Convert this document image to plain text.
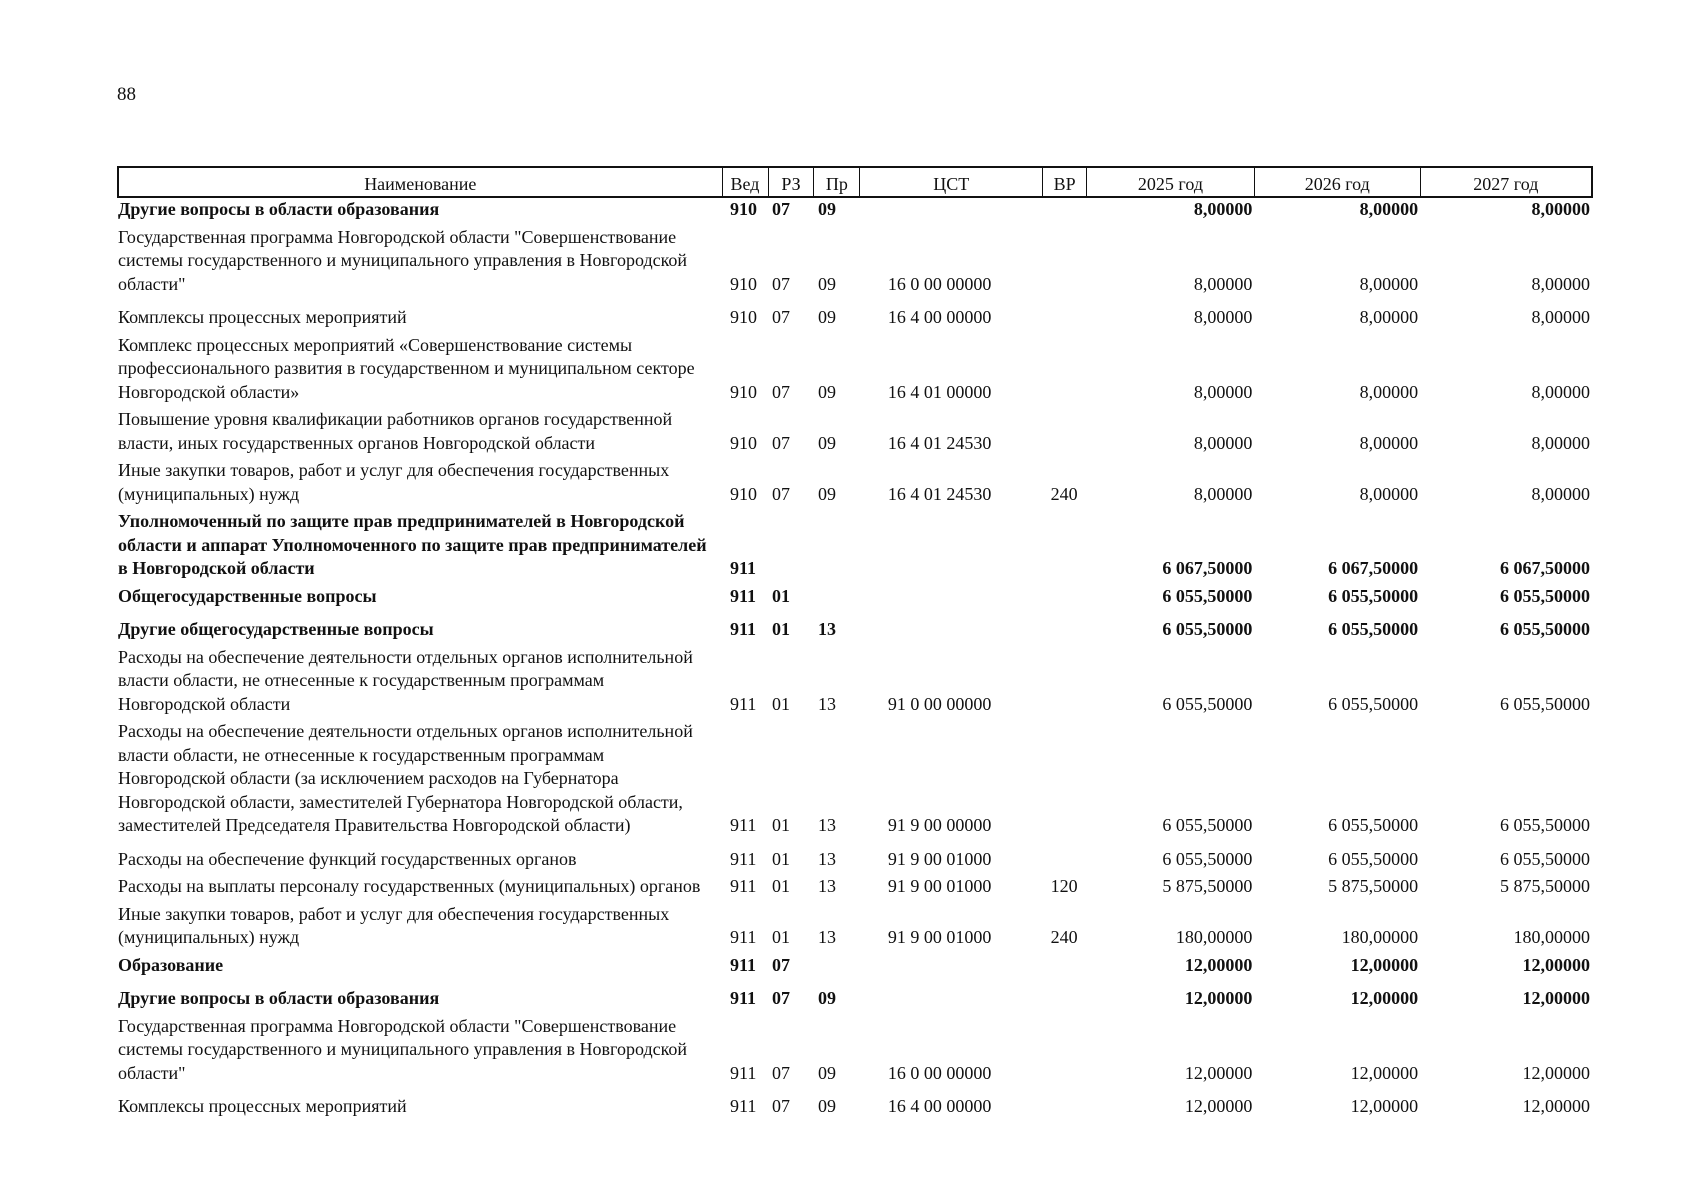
88
Наименование	Вед	РЗ	Пр	ЦСТ	ВР	2025 год	2026 год	2027 год
Другие вопросы в области образования	910	07	09			8,00000	8,00000	8,00000
Государственная программа Новгородской области "Совершенствование системы государственного и муниципального управления в Новгородской области"	910	07	09	16 0 00 00000		8,00000	8,00000	8,00000
Комплексы процессных мероприятий	910	07	09	16 4 00 00000		8,00000	8,00000	8,00000
Комплекс процессных мероприятий «Совершенствование системы профессионального развития в государственном и муниципальном секторе Новгородской области»	910	07	09	16 4 01 00000		8,00000	8,00000	8,00000
Повышение уровня квалификации работников органов государственной власти, иных государственных органов Новгородской области	910	07	09	16 4 01 24530		8,00000	8,00000	8,00000
Иные закупки товаров, работ и услуг для обеспечения государственных (муниципальных) нужд	910	07	09	16 4 01 24530	240	8,00000	8,00000	8,00000
Уполномоченный по защите прав предпринимателей в Новгородской области и аппарат Уполномоченного по защите прав предпринимателей в Новгородской области	911					6 067,50000	6 067,50000	6 067,50000
Общегосударственные вопросы	911	01				6 055,50000	6 055,50000	6 055,50000
Другие общегосударственные вопросы	911	01	13			6 055,50000	6 055,50000	6 055,50000
Расходы на обеспечение деятельности отдельных органов исполнительной власти области, не отнесенные к государственным программам Новгородской области	911	01	13	91 0 00 00000		6 055,50000	6 055,50000	6 055,50000
Расходы на обеспечение деятельности отдельных органов исполнительной власти области, не отнесенные к государственным программам Новгородской области (за исключением расходов на Губернатора Новгородской области, заместителей Губернатора Новгородской области, заместителей Председателя Правительства Новгородской области)	911	01	13	91 9 00 00000		6 055,50000	6 055,50000	6 055,50000
Расходы на обеспечение функций государственных органов	911	01	13	91 9 00 01000		6 055,50000	6 055,50000	6 055,50000
Расходы на выплаты персоналу государственных (муниципальных) органов	911	01	13	91 9 00 01000	120	5 875,50000	5 875,50000	5 875,50000
Иные закупки товаров, работ и услуг для обеспечения государственных (муниципальных) нужд	911	01	13	91 9 00 01000	240	180,00000	180,00000	180,00000
Образование	911	07				12,00000	12,00000	12,00000
Другие вопросы в области образования	911	07	09			12,00000	12,00000	12,00000
Государственная программа Новгородской области "Совершенствование системы государственного и муниципального управления в Новгородской области"	911	07	09	16 0 00 00000		12,00000	12,00000	12,00000
Комплексы процессных мероприятий	911	07	09	16 4 00 00000		12,00000	12,00000	12,00000
